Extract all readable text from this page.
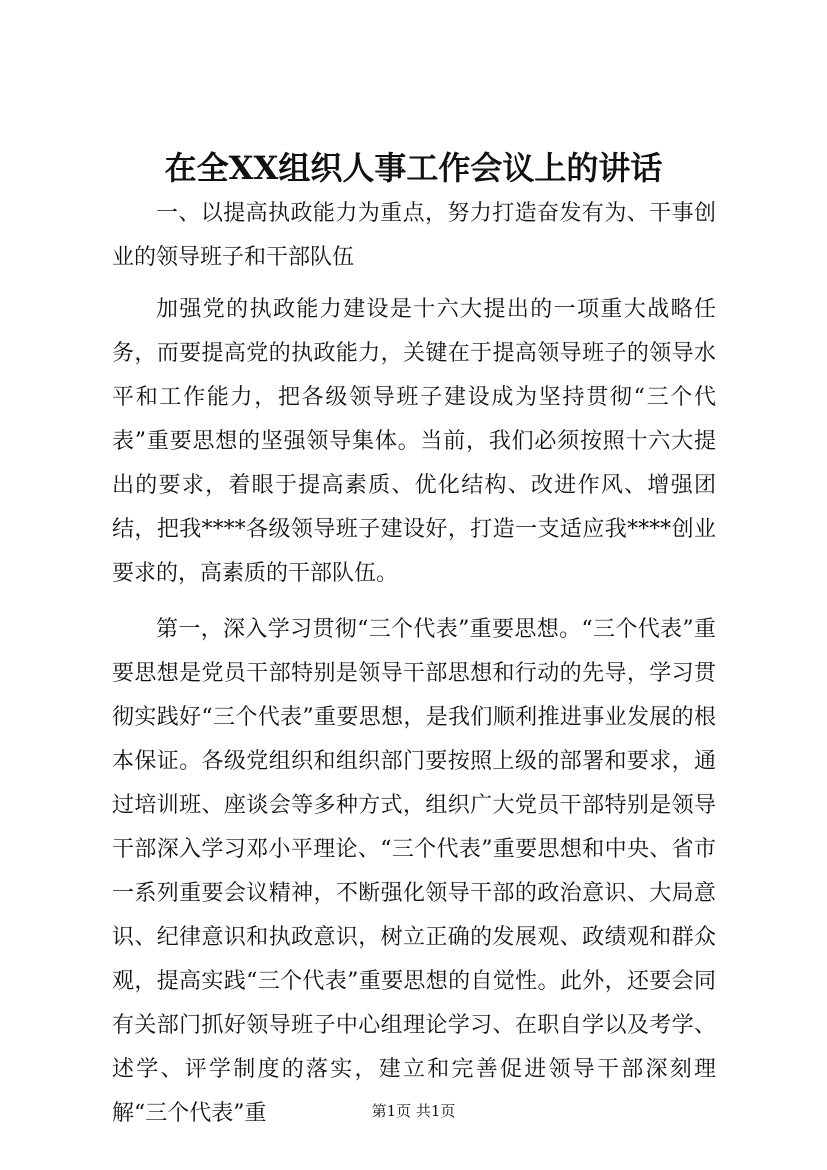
在全XX组织人事工作会议上的讲话

一、以提高执政能力为重点，努力打造奋发有为、干事创业的领导班子和干部队伍

加强党的执政能力建设是十六大提出的一项重大战略任务，而要提高党的执政能力，关键在于提高领导班子的领导水平和工作能力，把各级领导班子建设成为坚持贯彻“三个代表”重要思想的坚强领导集体。当前，我们必须按照十六大提出的要求，着眼于提高素质、优化结构、改进作风、增强团结，把我****各级领导班子建设好，打造一支适应我****创业要求的，高素质的干部队伍。

第一，深入学习贯彻“三个代表”重要思想。“三个代表”重要思想是党员干部特别是领导干部思想和行动的先导，学习贯彻实践好“三个代表”重要思想，是我们顺利推进事业发展的根本保证。各级党组织和组织部门要按照上级的部署和要求，通过培训班、座谈会等多种方式，组织广大党员干部特别是领导干部深入学习邓小平理论、“三个代表”重要思想和中央、省市一系列重要会议精神，不断强化领导干部的政治意识、大局意识、纪律意识和执政意识，树立正确的发展观、政绩观和群众观，提高实践“三个代表”重要思想的自觉性。此外，还要会同有关部门抓好领导班子中心组理论学习、在职自学以及考学、述学、评学制度的落实，建立和完善促进领导干部深刻理解“三个代表”重	第1页 共1页
